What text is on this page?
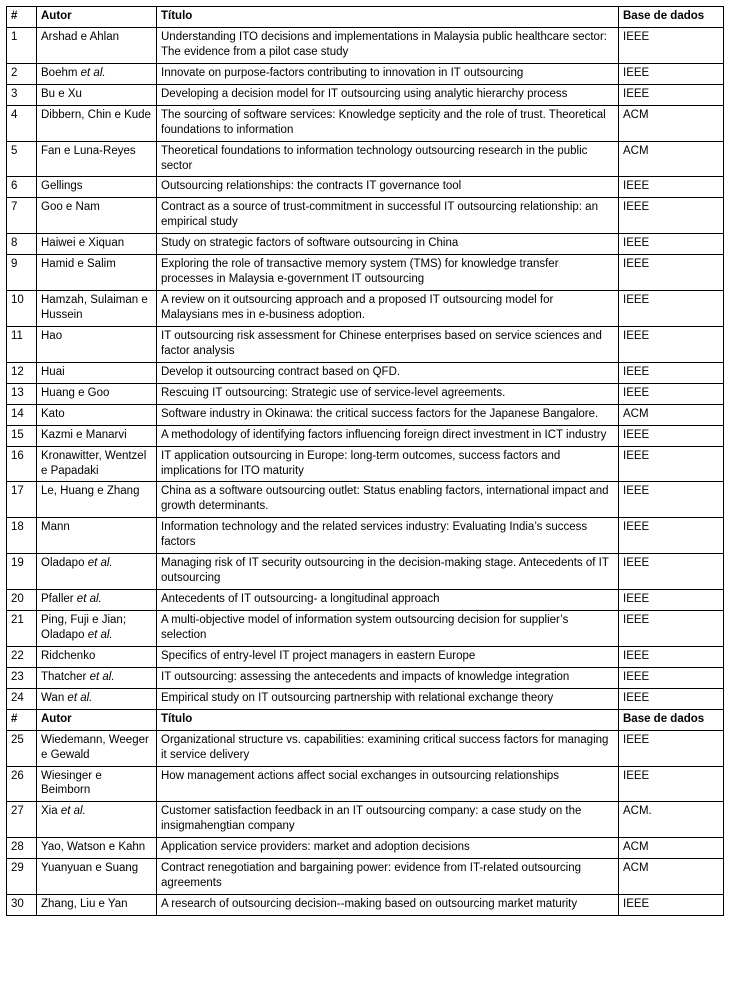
#	Autor	Título	Base de dados
1	Arshad e Ahlan	Understanding ITO decisions and implementations in Malaysia public healthcare sector: The evidence from a pilot case study	IEEE
2	Boehm et al.	Innovate on purpose-factors contributing to innovation in IT outsourcing	IEEE
3	Bu e Xu	Developing a decision model for IT outsourcing using analytic hierarchy process	IEEE
4	Dibbern, Chin e Kude	The sourcing of software services: Knowledge septicity and the role of trust. Theoretical foundations to information	ACM
5	Fan e Luna-Reyes	Theoretical foundations to information technology outsourcing research in the public sector	ACM
6	Gellings	Outsourcing relationships: the contracts IT governance tool	IEEE
7	Goo e Nam	Contract as a source of trust-commitment in successful IT outsourcing relationship: an empirical study	IEEE
8	Haiwei e Xiquan	Study on strategic factors of software outsourcing in China	IEEE
9	Hamid e Salim	Exploring the role of transactive memory system (TMS) for knowledge transfer processes in Malaysia e-government IT outsourcing	IEEE
10	Hamzah, Sulaiman e Hussein	A review on it outsourcing approach and a proposed IT outsourcing model for Malaysians mes in e-business adoption.	IEEE
11	Hao	IT outsourcing risk assessment for Chinese enterprises based on service sciences and factor analysis	IEEE
12	Huai	Develop it outsourcing contract based on QFD.	IEEE
13	Huang e Goo	Rescuing IT outsourcing: Strategic use of service-level agreements.	IEEE
14	Kato	Software industry in Okinawa: the critical success factors for the Japanese Bangalore.	ACM
15	Kazmi e Manarvi	A methodology of identifying factors influencing foreign direct investment in ICT industry	IEEE
16	Kronawitter, Wentzel e Papadaki	IT application outsourcing in Europe: long-term outcomes, success factors and implications for ITO maturity	IEEE
17	Le, Huang e Zhang	China as a software outsourcing outlet: Status enabling factors, international impact and growth determinants.	IEEE
18	Mann	Information technology and the related services industry: Evaluating India’s success factors	IEEE
19	Oladapo et al.	Managing risk of IT security outsourcing in the decision-making stage. Antecedents of IT outsourcing	IEEE
20	Pfaller et al.	Antecedents of IT outsourcing- a longitudinal approach	IEEE
21	Ping, Fuji e Jian; Oladapo et al.	A multi-objective model of information system outsourcing decision for supplier’s selection	IEEE
22	Ridchenko	Specifics of entry-level IT project managers in eastern Europe	IEEE
23	Thatcher et al.	IT outsourcing: assessing the antecedents and impacts of knowledge integration	IEEE
24	Wan et al.	Empirical study on IT outsourcing partnership with relational exchange theory	IEEE
#	Autor	Título	Base de dados
25	Wiedemann, Weeger e Gewald	Organizational structure vs. capabilities: examining critical success factors for managing it service delivery	IEEE
26	Wiesinger e Beimborn	How management actions affect social exchanges in outsourcing relationships	IEEE
27	Xia et al.	Customer satisfaction feedback in an IT outsourcing company: a case study on the insigmahengtian company	ACM.
28	Yao, Watson e Kahn	Application service providers: market and adoption decisions	ACM
29	Yuanyuan e Suang	Contract renegotiation and bargaining power: evidence from IT-related outsourcing agreements	ACM
30	Zhang, Liu e Yan	A research of outsourcing decision--making based on outsourcing market maturity	IEEE
